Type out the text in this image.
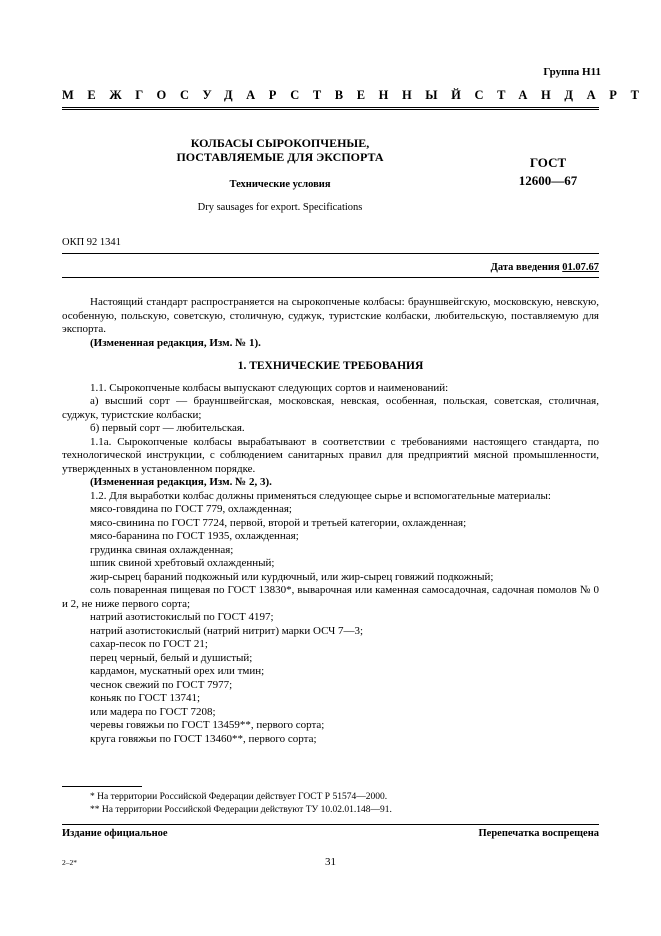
Группа Н11
МЕЖГОСУДАРСТВЕННЫЙ СТАНДАРТ
КОЛБАСЫ СЫРОКОПЧЕНЫЕ,
ПОСТАВЛЯЕМЫЕ ДЛЯ ЭКСПОРТА
Технические условия
Dry sausages for export. Specifications
ГОСТ
12600—67
ОКП 92 1341
Дата введения 01.07.67

Настоящий стандарт распространяется на сырокопченые колбасы: брауншвейгскую, московскую, невскую, особенную, польскую, советскую, столичную, суджук, туристские колбаски, любительскую, поставляемую для экспорта.

(Измененная редакция, Изм. № 1).

1. ТЕХНИЧЕСКИЕ ТРЕБОВАНИЯ

1.1. Сырокопченые колбасы выпускают следующих сортов и наименований:

а) высший сорт — брауншвейгская, московская, невская, особенная, польская, советская, столичная, суджук, туристские колбаски;

б) первый сорт — любительская.

1.1а. Сырокопченые колбасы вырабатывают в соответствии с требованиями настоящего стандарта, по технологической инструкции, с соблюдением санитарных правил для предприятий мясной промышленности, утвержденных в установленном порядке.

(Измененная редакция, Изм. № 2, 3).

1.2. Для выработки колбас должны применяться следующее сырье и вспомогательные материалы:

мясо-говядина по ГОСТ 779, охлажденная;

мясо-свинина по ГОСТ 7724, первой, второй и третьей категории, охлажденная;

мясо-баранина по ГОСТ 1935, охлажденная;

грудинка свиная охлажденная;

шпик свиной хребтовый охлажденный;

жир-сырец бараний подкожный или курдючный, или жир-сырец говяжий подкожный;

соль поваренная пищевая по ГОСТ 13830*, выварочная или каменная самосадочная, садочная помолов № 0 и 2, не ниже первого сорта;

натрий азотистокислый по ГОСТ 4197;

натрий азотистокислый (натрий нитрит) марки ОСЧ 7—3;

сахар-песок по ГОСТ 21;

перец черный, белый и душистый;

кардамон, мускатный орех или тмин;

чеснок свежий по ГОСТ 7977;

коньяк по ГОСТ 13741;

или мадера по ГОСТ 7208;

черевы говяжьи по ГОСТ 13459**, первого сорта;

круга говяжьи по ГОСТ 13460**, первого сорта;

* На территории Российской Федерации действует ГОСТ Р 51574—2000.

** На территории Российской Федерации действуют ТУ 10.02.01.148—91.

Издание официальное	Перепечатка воспрещена
2–2*	31
